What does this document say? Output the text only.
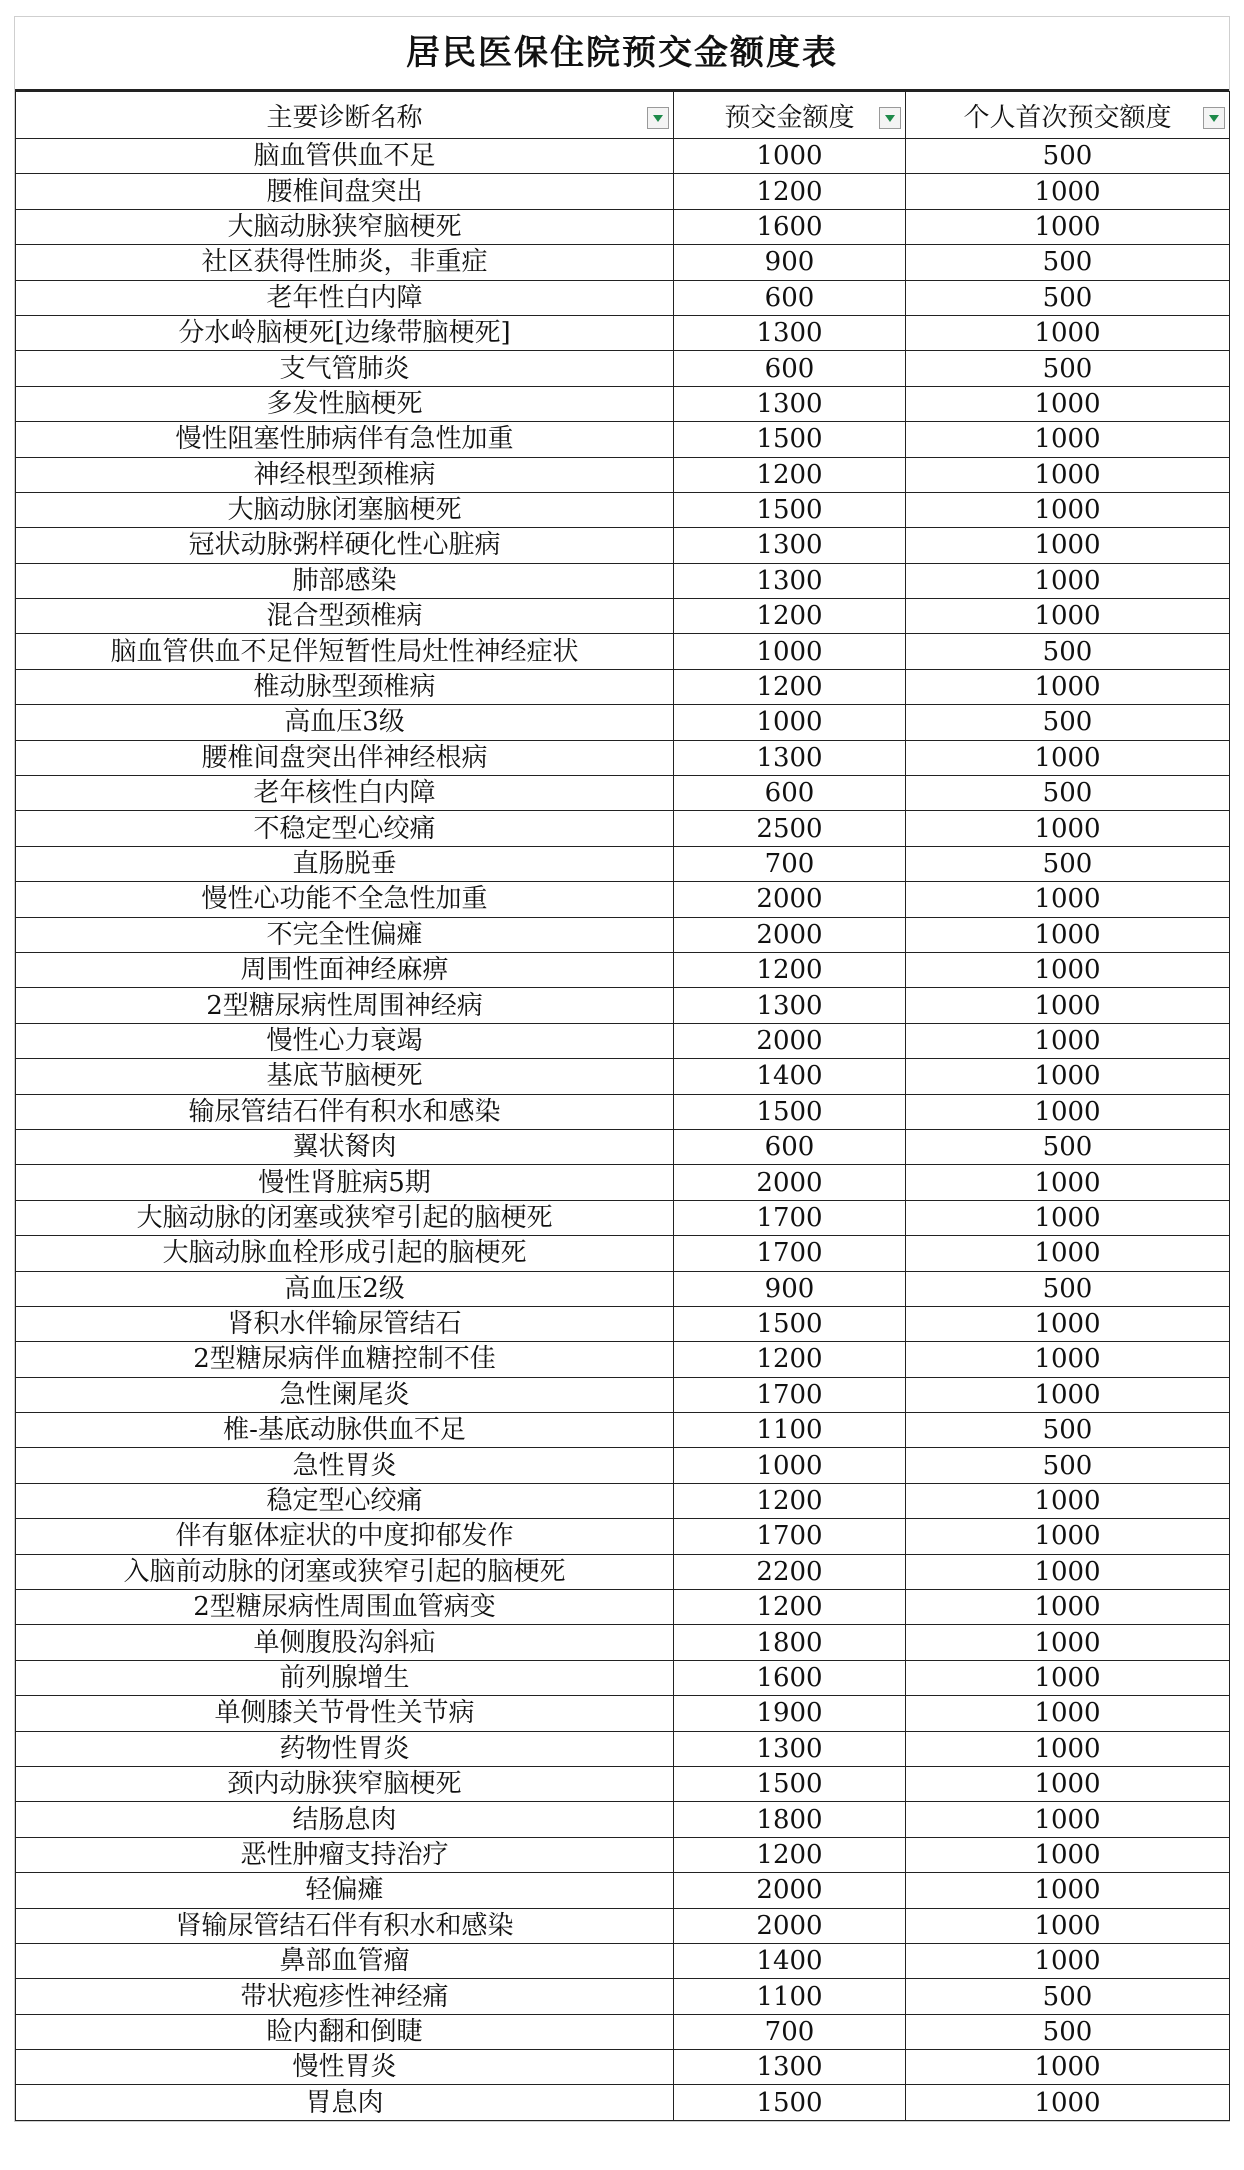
居民医保住院预交金额度表
主要诊断名称	预交金额度	个人首次预交额度

脑血管供血不足	1000	500
腰椎间盘突出	1200	1000
大脑动脉狭窄脑梗死	1600	1000
社区获得性肺炎，非重症	900	500
老年性白内障	600	500
分水岭脑梗死[边缘带脑梗死]	1300	1000
支气管肺炎	600	500
多发性脑梗死	1300	1000
慢性阻塞性肺病伴有急性加重	1500	1000
神经根型颈椎病	1200	1000
大脑动脉闭塞脑梗死	1500	1000
冠状动脉粥样硬化性心脏病	1300	1000
肺部感染	1300	1000
混合型颈椎病	1200	1000
脑血管供血不足伴短暂性局灶性神经症状	1000	500
椎动脉型颈椎病	1200	1000
高血压3级	1000	500
腰椎间盘突出伴神经根病	1300	1000
老年核性白内障	600	500
不稳定型心绞痛	2500	1000
直肠脱垂	700	500
慢性心功能不全急性加重	2000	1000
不完全性偏瘫	2000	1000
周围性面神经麻痹	1200	1000
2型糖尿病性周围神经病	1300	1000
慢性心力衰竭	2000	1000
基底节脑梗死	1400	1000
输尿管结石伴有积水和感染	1500	1000
翼状胬肉	600	500
慢性肾脏病5期	2000	1000
大脑动脉的闭塞或狭窄引起的脑梗死	1700	1000
大脑动脉血栓形成引起的脑梗死	1700	1000
高血压2级	900	500
肾积水伴输尿管结石	1500	1000
2型糖尿病伴血糖控制不佳	1200	1000
急性阑尾炎	1700	1000
椎-基底动脉供血不足	1100	500
急性胃炎	1000	500
稳定型心绞痛	1200	1000
伴有躯体症状的中度抑郁发作	1700	1000
入脑前动脉的闭塞或狭窄引起的脑梗死	2200	1000
2型糖尿病性周围血管病变	1200	1000
单侧腹股沟斜疝	1800	1000
前列腺增生	1600	1000
单侧膝关节骨性关节病	1900	1000
药物性胃炎	1300	1000
颈内动脉狭窄脑梗死	1500	1000
结肠息肉	1800	1000
恶性肿瘤支持治疗	1200	1000
轻偏瘫	2000	1000
肾输尿管结石伴有积水和感染	2000	1000
鼻部血管瘤	1400	1000
带状疱疹性神经痛	1100	500
睑内翻和倒睫	700	500
慢性胃炎	1300	1000
胃息肉	1500	1000
